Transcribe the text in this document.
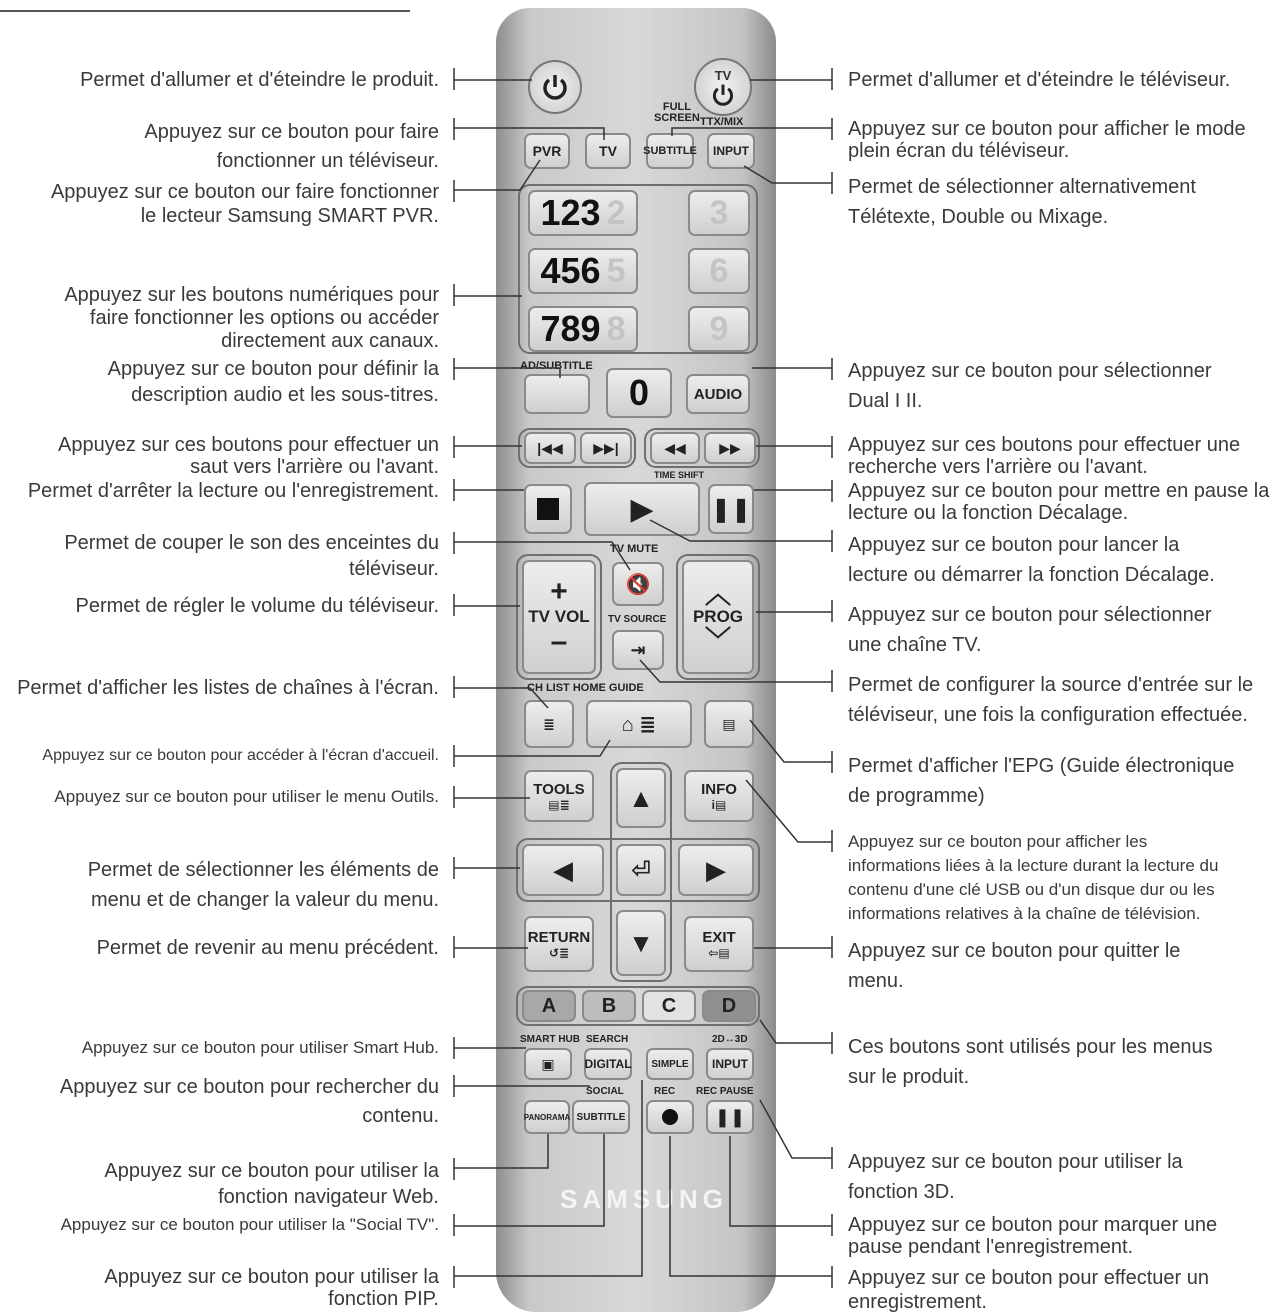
Permet d'allumer et d'éteindre le produit.
Appuyez sur ce bouton pour faire
fonctionner un téléviseur.
Appuyez sur ce bouton our faire fonctionner
le lecteur Samsung SMART PVR.
Appuyez sur les boutons numériques pour
faire fonctionner les options ou accéder
directement aux canaux.
Appuyez sur ce bouton pour définir la
description audio et les sous-titres.
Appuyez sur ces boutons pour effectuer un
saut vers l'arrière ou l'avant.
Permet d'arrêter la lecture ou l'enregistrement.
Permet de couper le son des enceintes du
téléviseur.
Permet de régler le volume du téléviseur.
Permet d'afficher les listes de chaînes à l'écran.
Appuyez sur ce bouton pour accéder à l'écran d'accueil.
Appuyez sur ce bouton pour utiliser le menu Outils.
Permet de sélectionner les éléments de
menu et de changer la valeur du menu.
Permet de revenir au menu précédent.
Appuyez sur ce bouton pour utiliser Smart Hub.
Appuyez sur ce bouton pour rechercher du
contenu.
Appuyez sur ce bouton pour utiliser la
fonction navigateur Web.
Appuyez sur ce bouton pour utiliser la "Social TV".
Appuyez sur ce bouton pour utiliser la
fonction PIP.
Permet d'allumer et d'éteindre le téléviseur.
Appuyez sur ce bouton pour afficher le mode
plein écran du téléviseur.
Permet de sélectionner alternativement
Télétexte, Double ou Mixage.
Appuyez sur ce bouton pour sélectionner
Dual I II.
Appuyez sur ces boutons pour effectuer une
recherche vers l'arrière ou l'avant.
Appuyez sur ce bouton pour mettre en pause la
lecture ou la fonction Décalage.
Appuyez sur ce bouton pour lancer la
lecture ou démarrer la fonction Décalage.
Appuyez sur ce bouton pour sélectionner
une chaîne TV.
Permet de configurer la source d'entrée sur le
téléviseur, une fois la configuration effectuée.
Permet d'afficher l'EPG (Guide électronique
de programme)
Appuyez sur ce bouton pour afficher les
informations liées à la lecture durant la lecture du
contenu d'une clé USB ou d'un disque dur ou les
informations relatives à la chaîne de télévision.
Appuyez sur ce bouton pour quitter le
menu.
Ces boutons sont utilisés pour les menus
sur le produit.
Appuyez sur ce bouton pour utiliser la
fonction 3D.
Appuyez sur ce bouton pour marquer une
pause pendant l'enregistrement.
Appuyez sur ce bouton pour effectuer un
enregistrement.
TV
FULL
SCREEN TTX/MIX
PVR	TV	SUBTITLE	INPUT
123 2 3
456 5 6
789 8 9
AD/SUBTITLE
0	AUDIO
|◀◀ ▶▶|	◀◀ ▶▶
TIME SHIFT
▶ ❚❚
TV MUTE
+
TV VOL
–
🔇
TV SOURCE
⇥
︿
PROG
﹀
CH LIST HOME GUIDE
≣	⌂ ≣	▤
TOOLS
▤≣
INFO
i▤
▲
◀ ⏎ ▶
▼
RETURN
↺≣
EXIT
⇦▤
A	B	C	D
SMART HUB SEARCH	2D↔3D
▣ DIGITAL	SIMPLE	INPUT
SOCIAL	REC REC PAUSE
PANORAMA SUBTITLE	❚❚
SAMSUNG
